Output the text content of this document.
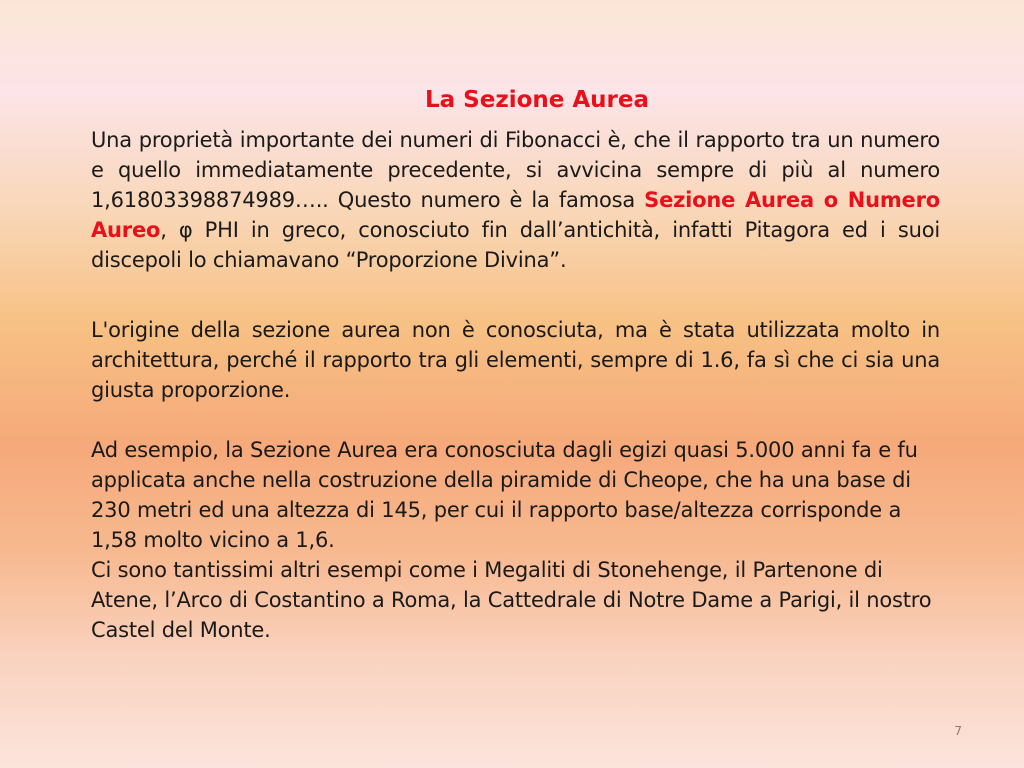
La Sezione Aurea
Una proprietà importante dei numeri di Fibonacci è, che il rapporto tra un numero e quello immediatamente precedente, si avvicina sempre di più al numero 1,61803398874989….. Questo numero è la famosa Sezione Aurea o Numero Aureo, φ PHI in greco, conosciuto fin dall’antichità, infatti Pitagora ed i suoi discepoli lo chiamavano “Proporzione Divina”.
L'origine della sezione aurea non è conosciuta, ma è stata utilizzata molto in architettura, perché il rapporto tra gli elementi, sempre di 1.6, fa sì che ci sia una giusta proporzione.

Ad esempio, la Sezione Aurea era conosciuta dagli egizi quasi 5.000 anni fa e fu applicata anche nella costruzione della piramide di Cheope, che ha una base di 230 metri ed una altezza di 145, per cui il rapporto base/altezza corrisponde a 1,58 molto vicino a 1,6.

Ci sono tantissimi altri esempi come i Megaliti di Stonehenge, il Partenone di Atene, l’Arco di Costantino a Roma, la Cattedrale di Notre Dame a Parigi, il nostro Castel del Monte.

7
